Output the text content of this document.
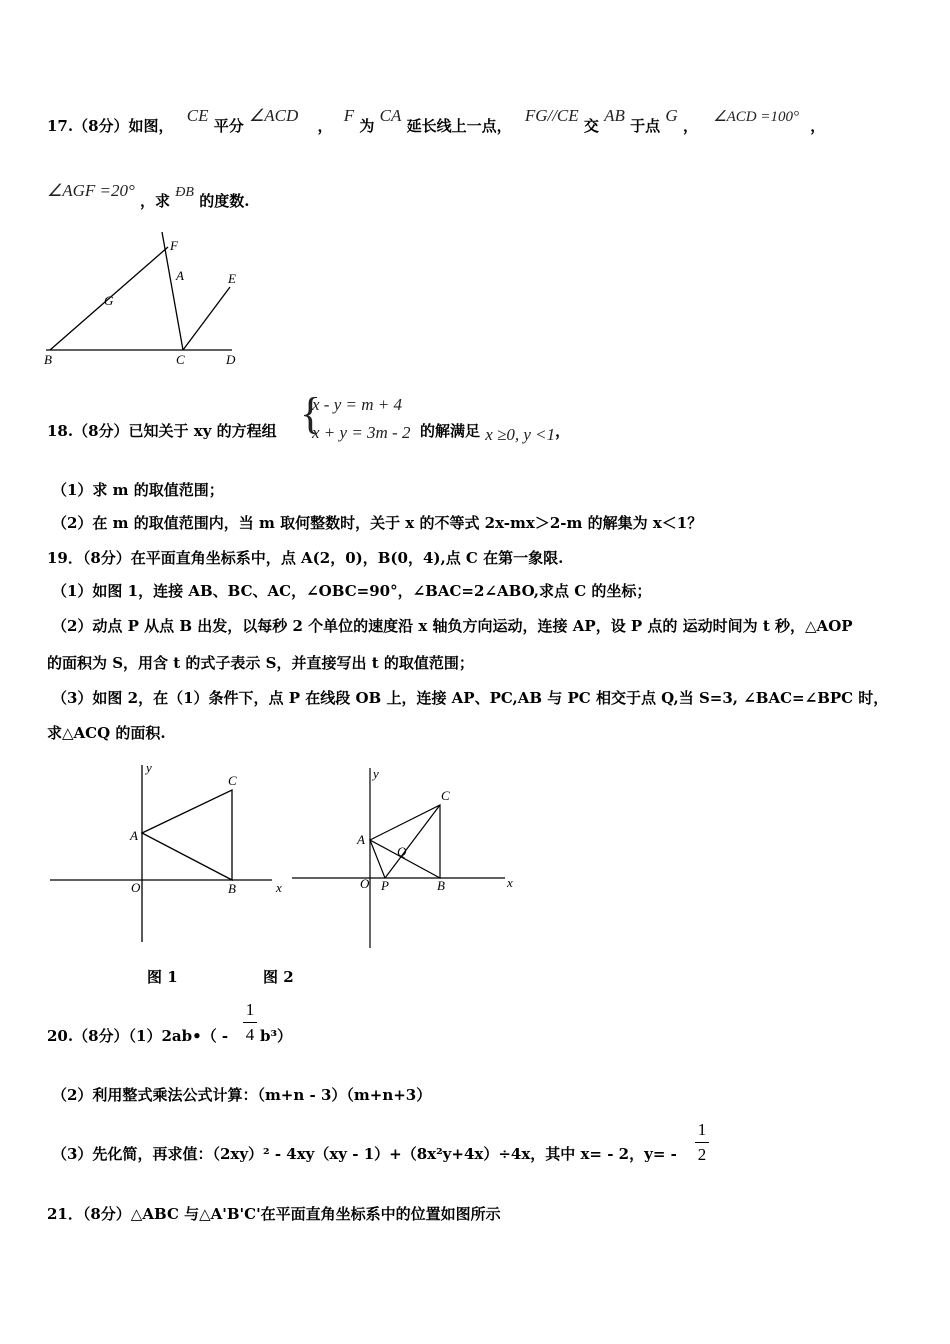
17.（8分）如图， CE 平分 ∠ACD ， F 为 CA 延长线上一点， FG//CE 交 AB 于点 G ， ∠ACD =100° ，
∠AGF =20° ，求 ÐB 的度数.
F
A
G
E
B	C	D
y
x
O
A
B
C	y
x
O
A
B
C
P
Q
18.（8分）已知关于 xy 的方程组 {
x - y = m + 4
x + y = 3m - 2 的解满足 x ≥0, y <1，
（1）求 m 的取值范围；
（2）在 m 的取值范围内，当 m 取何整数时，关于 x 的不等式 2x-mx＞2-m 的解集为 x＜1？
19．（8分）在平面直角坐标系中，点 A(2，0)，B(0，4),点 C 在第一象限.
（1）如图 1，连接 AB、BC、AC，∠OBC=90°，∠BAC=2∠ABO,求点 C 的坐标；
（2）动点 P 从点 B 出发，以每秒 2 个单位的速度沿 x 轴负方向运动，连接 AP，设 P 点的 运动时间为 t 秒，△AOP
的面积为 S，用含 t 的式子表示 S，并直接写出 t 的取值范围；
（3）如图 2，在（1）条件下，点 P 在线段 OB 上，连接 AP、PC,AB 与 PC 相交于点 Q,当 S=3, ∠BAC=∠BPC 时，
求△ACQ 的面积.
图 1	图 2
20.（8分）（1）2ab•（ -
1
4 b³）
（2）利用整式乘法公式计算：（m+n - 3）（m+n+3）
（3）先化简，再求值：（2xy）² - 4xy（xy - 1）+（8x²y+4x）÷4x，其中 x= - 2，y= -
1
2
21．（8分）△ABC 与△A'B'C'在平面直角坐标系中的位置如图所示
